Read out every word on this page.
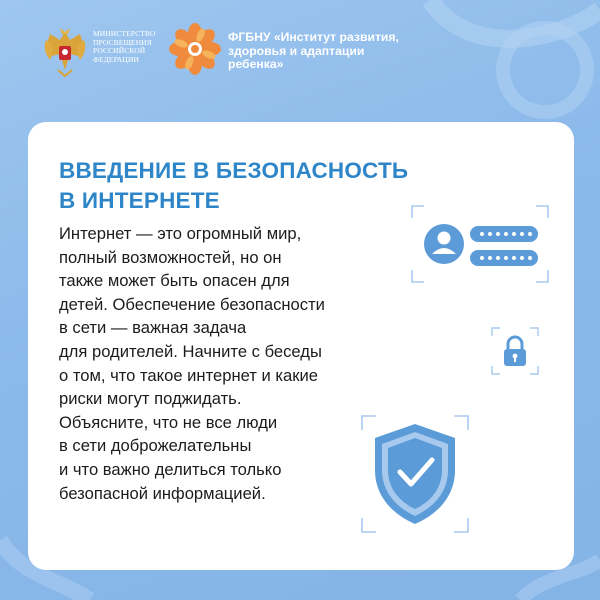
МИНИСТЕРСТВО
ПРОСВЕЩЕНИЯ
РОССИЙСКОЙ
ФЕДЕРАЦИИ
ФГБНУ «Институт развития,
здоровья и адаптации
ребенка»
ВВЕДЕНИЕ В БЕЗОПАСНОСТЬ
В ИНТЕРНЕТЕ
Интернет — это огромный мир,
полный возможностей, но он
также может быть опасен для
детей. Обеспечение безопасности
в сети — важная задача
для родителей. Начните с беседы
о том, что такое интернет и какие
риски могут поджидать.
Объясните, что не все люди
в сети доброжелательны
и что важно делиться только
безопасной информацией.
